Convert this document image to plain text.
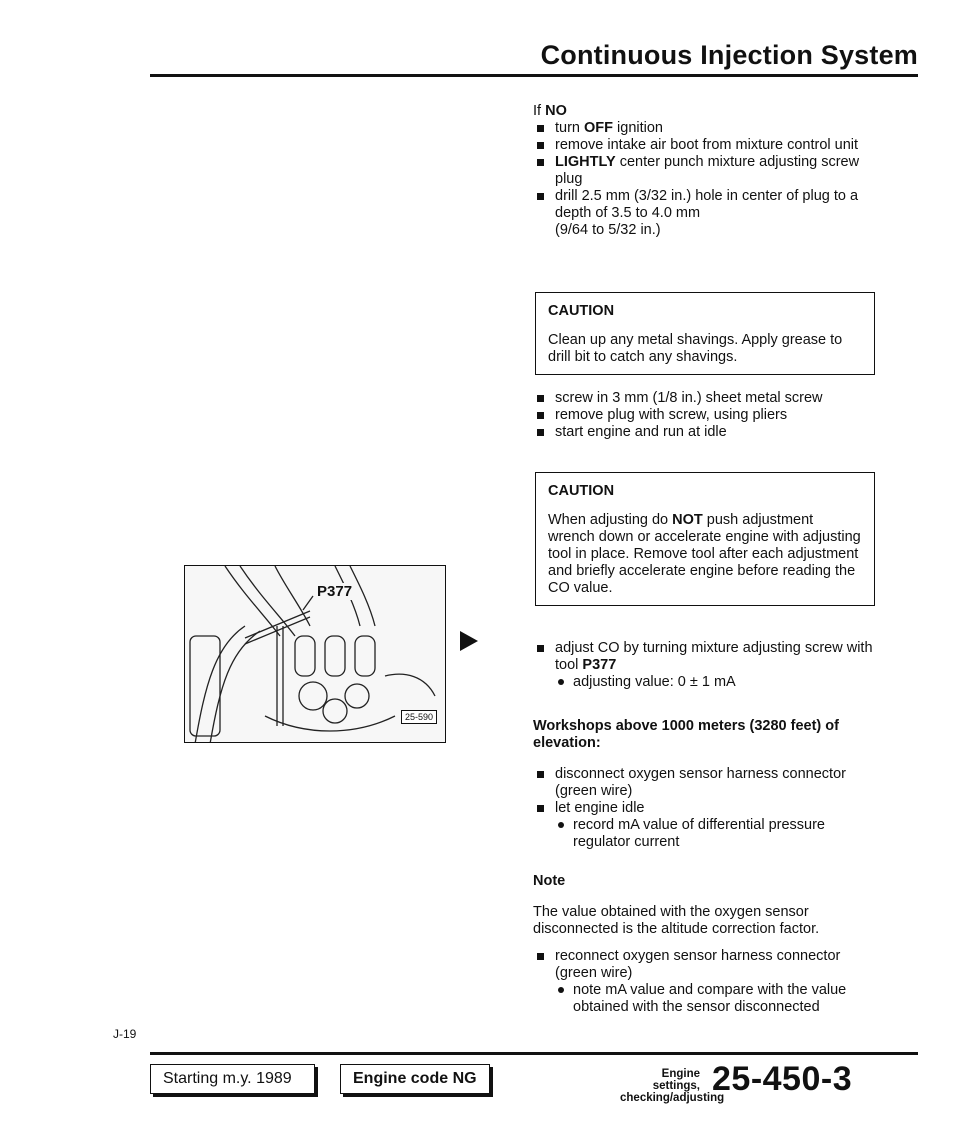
Continuous Injection System
If NO
turn OFF ignition
remove intake air boot from mixture control unit
LIGHTLY center punch mixture adjusting screw plug
drill 2.5 mm (3/32 in.) hole in center of plug to a depth of 3.5 to 4.0 mm
(9/64 to 5/32 in.)
CAUTION
Clean up any metal shavings. Apply grease to drill bit to catch any shavings.
screw in 3 mm (1/8 in.) sheet metal screw
remove plug with screw, using pliers
start engine and run at idle
CAUTION
When adjusting do NOT push adjustment wrench down or accelerate engine with adjusting tool in place. Remove tool after each adjustment and briefly accelerate engine before reading the CO value.
P377
25-590
adjust CO by turning mixture adjusting screw with tool P377
adjusting value: 0 ± 1 mA
Workshops above 1000 meters (3280 feet) of elevation:
disconnect oxygen sensor harness connector (green wire)
let engine idle
record mA value of differential pressure regulator current
Note
The value obtained with the oxygen sensor disconnected is the altitude correction factor.
reconnect oxygen sensor harness connector (green wire)
note mA value and compare with the value obtained with the sensor disconnected
J-19
Starting m.y. 1989	Engine code NG	Engine settings,
checking/adjusting
25-450-3
